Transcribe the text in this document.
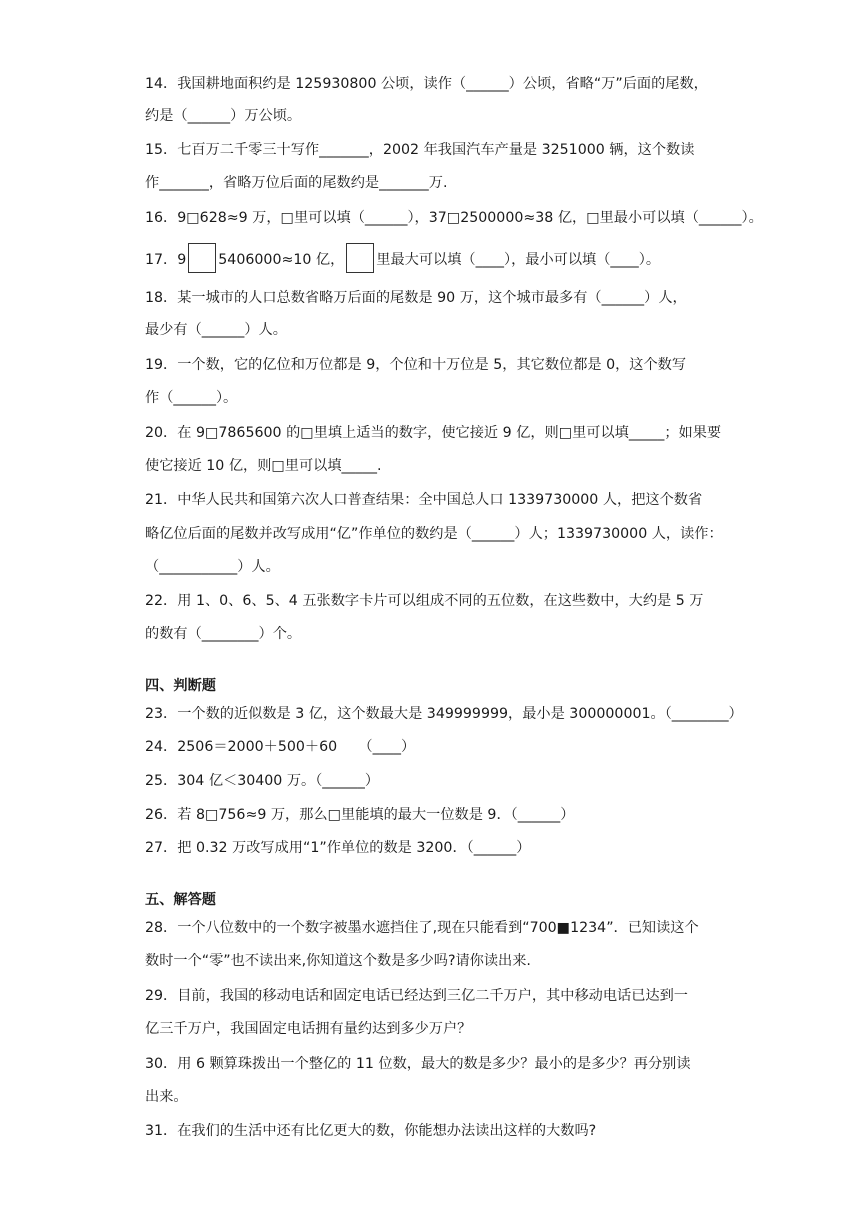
14．我国耕地面积约是 125930800 公顷，读作（______）公顷，省略“万”后面的尾数，
约是（______）万公顷。
15．七百万二千零三十写作_______，2002 年我国汽车产量是 3251000 辆，这个数读
作_______，省略万位后面的尾数约是_______万.
16．9□628≈9 万，□里可以填（______），37□2500000≈38 亿，□里最小可以填（______）。
17．9 5406000≈10 亿， 里最大可以填（____），最小可以填（____）。
18．某一城市的人口总数省略万后面的尾数是 90 万，这个城市最多有（______）人，
最少有（______）人。
19．一个数，它的亿位和万位都是 9，个位和十万位是 5，其它数位都是 0，这个数写
作（______）。
20．在 9□7865600 的□里填上适当的数字，使它接近 9 亿，则□里可以填_____；如果要
使它接近 10 亿，则□里可以填_____.
21．中华人民共和国第六次人口普查结果：全中国总人口 1339730000 人，把这个数省
略亿位后面的尾数并改写成用“亿”作单位的数约是（______）人；1339730000 人，读作：
（___________）人。
22．用 1、0、6、5、4 五张数字卡片可以组成不同的五位数，在这些数中，大约是 5 万
的数有（________）个。
四、判断题
23．一个数的近似数是 3 亿，这个数最大是 349999999，最小是 300000001。（________）
24．2506＝2000＋500＋60　　（____）
25．304 亿＜30400 万。（______）
26．若 8□756≈9 万，那么□里能填的最大一位数是 9．（______）
27．把 0.32 万改写成用“1”作单位的数是 3200．（______）
五、解答题
28．一个八位数中的一个数字被墨水遮挡住了,现在只能看到“700■1234”．已知读这个
数时一个“零”也不读出来,你知道这个数是多少吗?请你读出来.
29．目前，我国的移动电话和固定电话已经达到三亿二千万户，其中移动电话已达到一
亿三千万户，我国固定电话拥有量约达到多少万户？
30．用 6 颗算珠拨出一个整亿的 11 位数，最大的数是多少？最小的是多少？再分别读
出来。
31．在我们的生活中还有比亿更大的数，你能想办法读出这样的大数吗?
